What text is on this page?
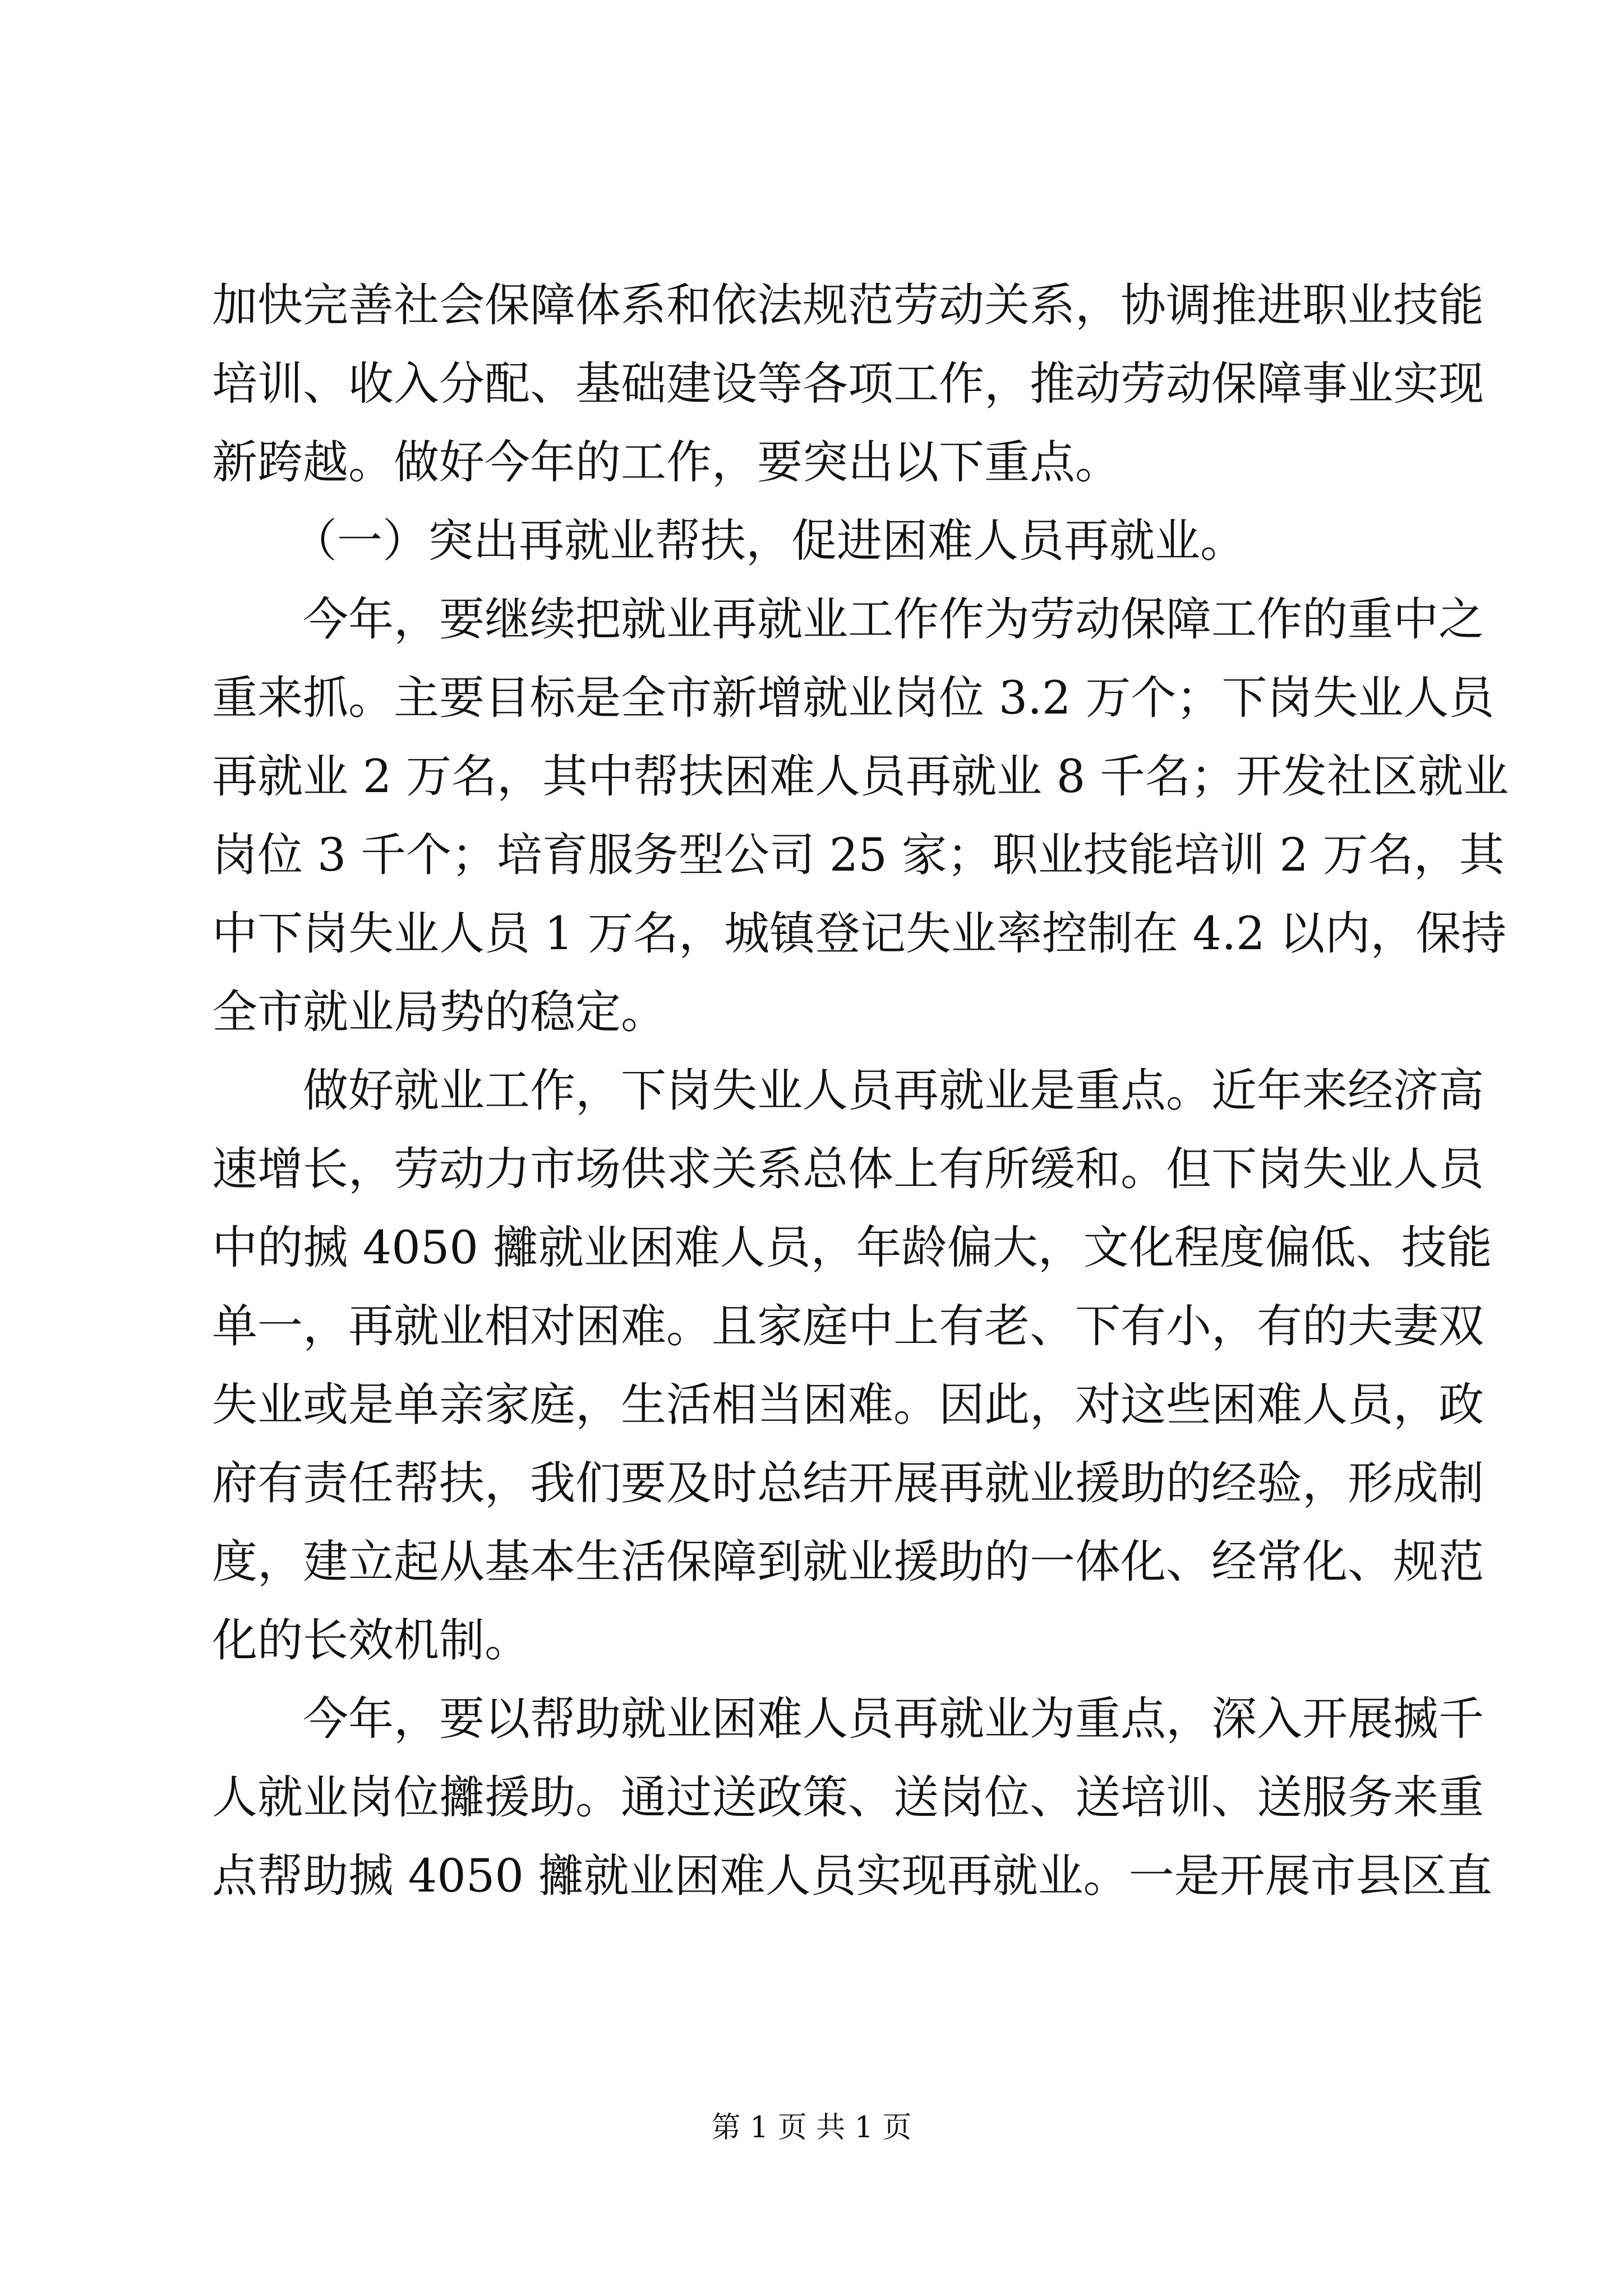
加快完善社会保障体系和依法规范劳动关系，协调推进职业技能
培训、收入分配、基础建设等各项工作，推动劳动保障事业实现
新跨越。做好今年的工作，要突出以下重点。
（一）突出再就业帮扶，促进困难人员再就业。
今年，要继续把就业再就业工作作为劳动保障工作的重中之
重来抓。主要目标是全市新增就业岗位 3.2 万个；下岗失业人员
再就业 2 万名，其中帮扶困难人员再就业 8 千名；开发社区就业
岗位 3 千个；培育服务型公司 25 家；职业技能培训 2 万名，其
中下岗失业人员 1 万名，城镇登记失业率控制在 4.2 以内，保持
全市就业局势的稳定。
做好就业工作，下岗失业人员再就业是重点。近年来经济高
速增长，劳动力市场供求关系总体上有所缓和。但下岗失业人员
中的搣 4050 攡就业困难人员，年龄偏大，文化程度偏低、技能
单一，再就业相对困难。且家庭中上有老、下有小，有的夫妻双
失业或是单亲家庭，生活相当困难。因此，对这些困难人员，政
府有责任帮扶，我们要及时总结开展再就业援助的经验，形成制
度，建立起从基本生活保障到就业援助的一体化、经常化、规范
化的长效机制。
今年，要以帮助就业困难人员再就业为重点，深入开展搣千
人就业岗位攡援助。通过送政策、送岗位、送培训、送服务来重
点帮助搣 4050 攡就业困难人员实现再就业。一是开展市县区直
第 1 页 共 1 页
